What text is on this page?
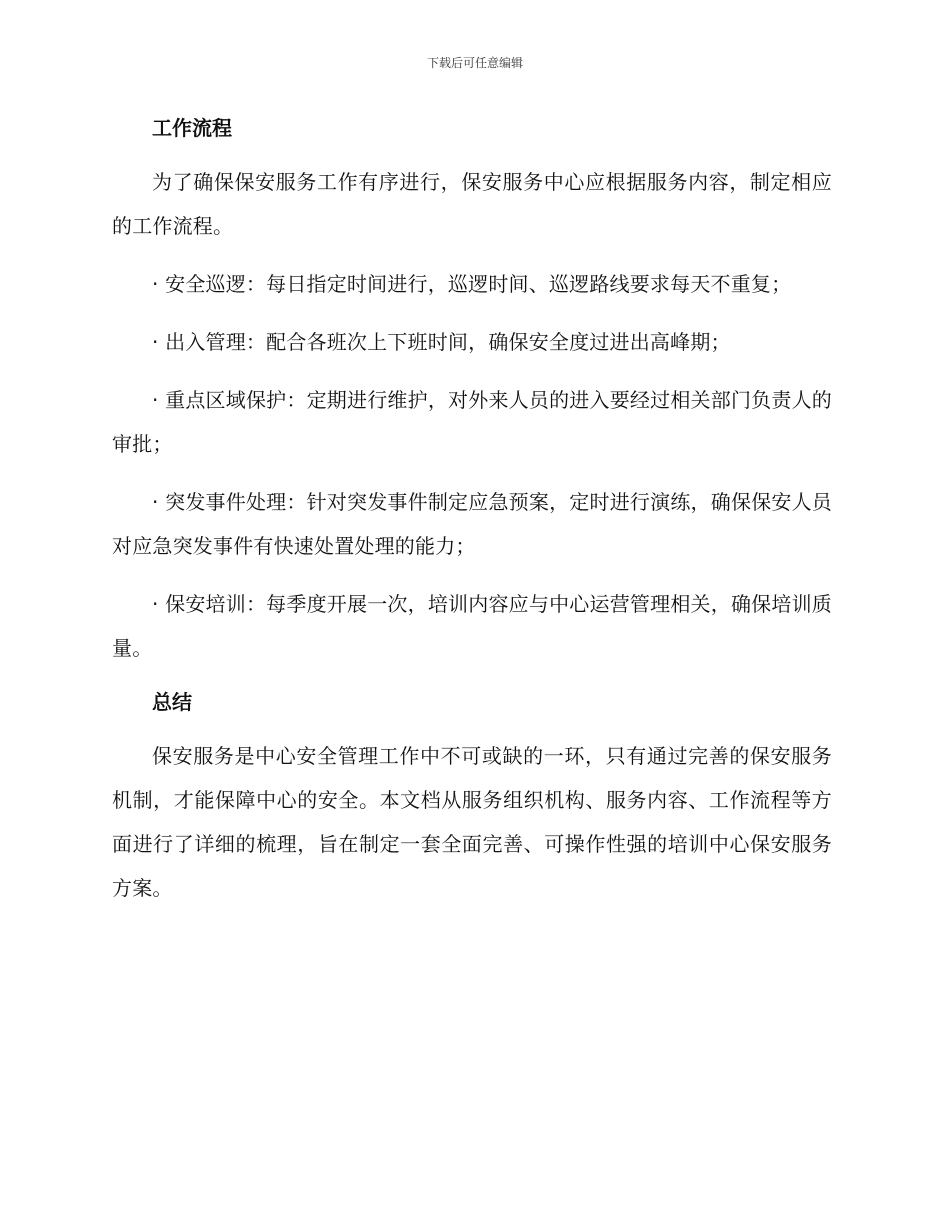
下载后可任意编辑
工作流程

为了确保保安服务工作有序进行，保安服务中心应根据服务内容，制定相应的工作流程。

· 安全巡逻：每日指定时间进行，巡逻时间、巡逻路线要求每天不重复；

· 出入管理：配合各班次上下班时间，确保安全度过进出高峰期；

· 重点区域保护：定期进行维护，对外来人员的进入要经过相关部门负责人的审批；

· 突发事件处理：针对突发事件制定应急预案，定时进行演练，确保保安人员对应急突发事件有快速处置处理的能力；

· 保安培训：每季度开展一次，培训内容应与中心运营管理相关，确保培训质量。

总结

保安服务是中心安全管理工作中不可或缺的一环，只有通过完善的保安服务机制，才能保障中心的安全。本文档从服务组织机构、服务内容、工作流程等方面进行了详细的梳理，旨在制定一套全面完善、可操作性强的培训中心保安服务方案。
